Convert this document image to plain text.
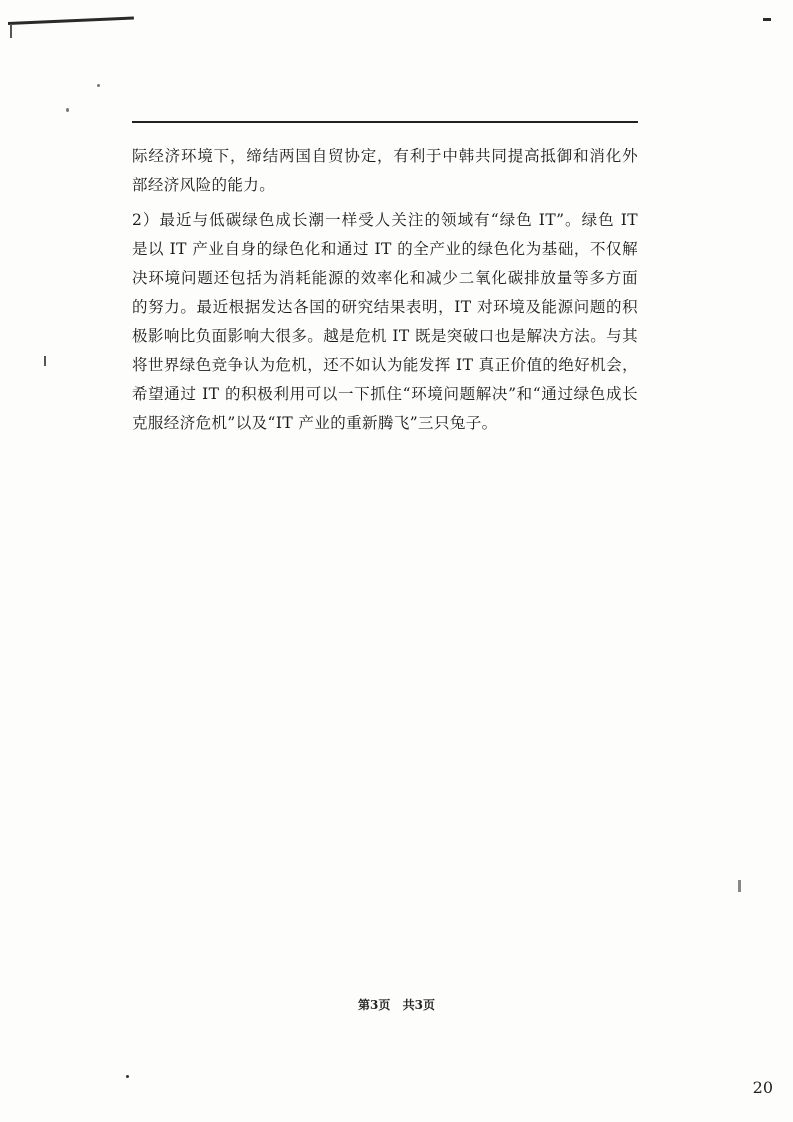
际经济环境下，缔结两国自贸协定，有利于中韩共同提高抵御和消化外部经济风险的能力。

2）最近与低碳绿色成长潮一样受人关注的领域有“绿色 IT”。绿色 IT 是以 IT 产业自身的绿色化和通过 IT 的全产业的绿色化为基础，不仅解决环境问题还包括为消耗能源的效率化和减少二氧化碳排放量等多方面的努力。最近根据发达各国的研究结果表明，IT 对环境及能源问题的积极影响比负面影响大很多。越是危机 IT 既是突破口也是解决方法。与其将世界绿色竞争认为危机，还不如认为能发挥 IT 真正价值的绝好机会，希望通过 IT 的积极利用可以一下抓住“环境问题解决”和“通过绿色成长克服经济危机”以及“IT 产业的重新腾飞”三只兔子。

第3页 共3页
20
